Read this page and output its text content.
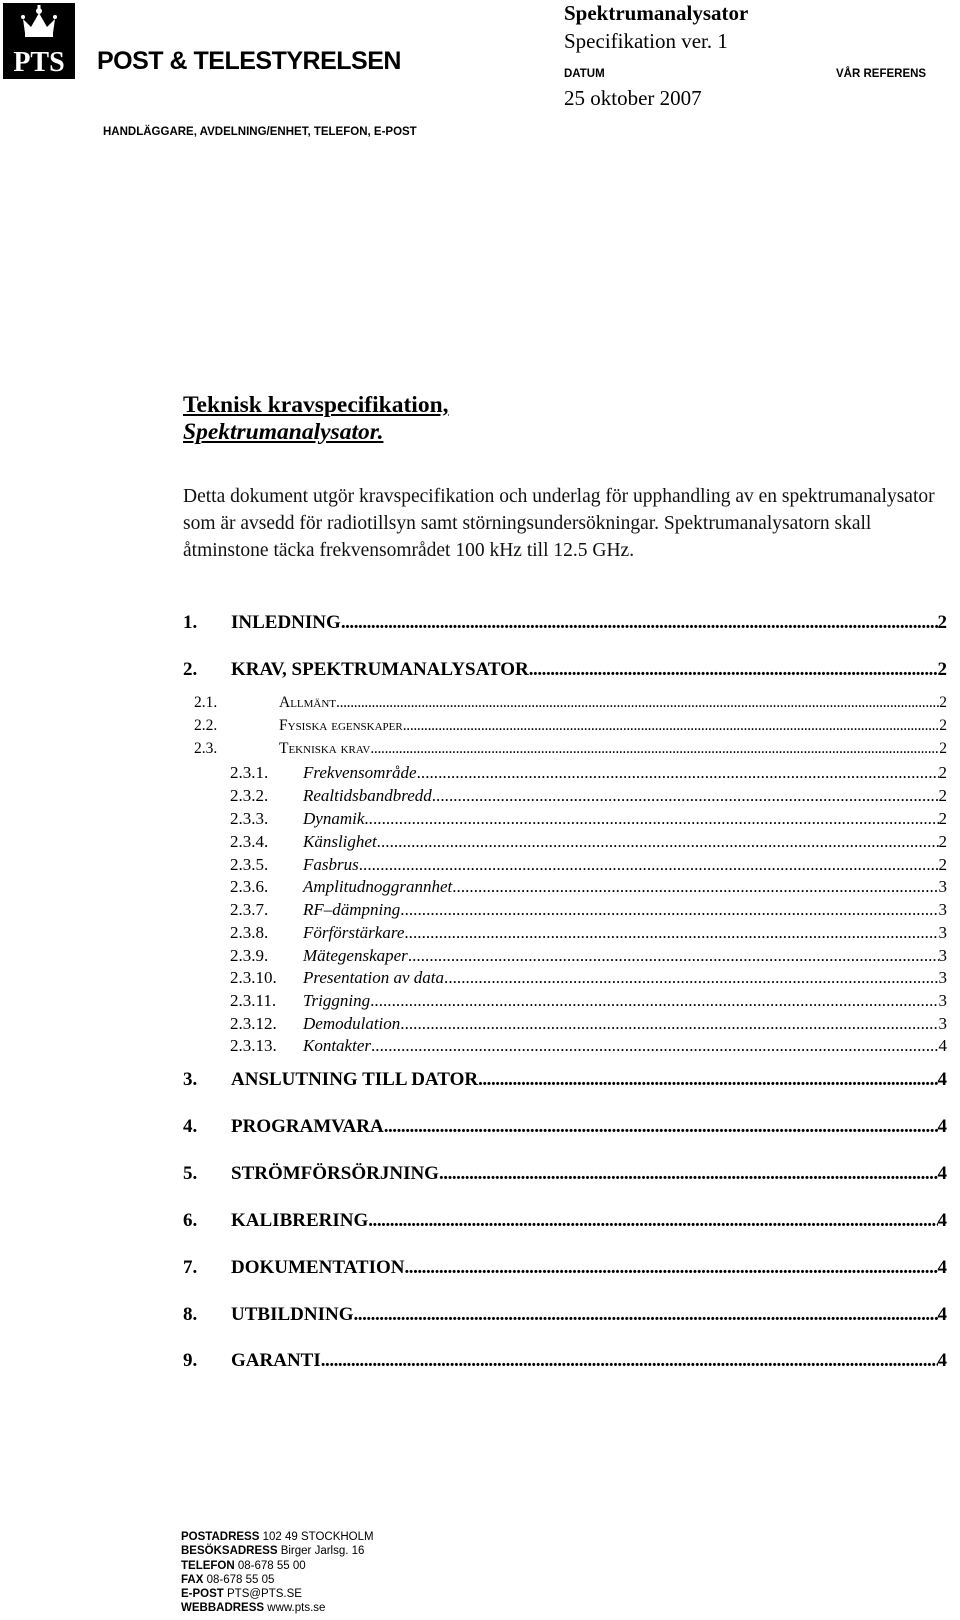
PTS POST & TELESTYRELSEN
HANDLÄGGARE, AVDELNING/ENHET, TELEFON, E-POST
Spektrumanalysator
Specifikation ver. 1
DATUM	VÅR REFERENS
25 oktober 2007
Teknisk kravspecifikation,
Spektrumanalysator.

Detta dokument utgör kravspecifikation och underlag för upphandling av en spektrumanalysator som är avsedd för radiotillsyn samt störningsundersökningar. Spektrumanalysatorn skall åtminstone täcka frekvensområdet 100 kHz till 12.5 GHz.

1.	INLEDNING . . .	2
2.	KRAV, SPEKTRUMANALYSATOR . . .	2
2.1.	Allmänt . . .	2
2.2.	Fysiska egenskaper . . .	2
2.3.	Tekniska krav . . .	2
2.3.1.	Frekvensområde . . .	2
2.3.2.	Realtidsbandbredd . . .	2
2.3.3.	Dynamik . . .	2
2.3.4.	Känslighet . . .	2
2.3.5.	Fasbrus . . .	2
2.3.6.	Amplitudnoggrannhet . . .	3
2.3.7.	RF–dämpning . . .	3
2.3.8.	Förförstärkare . . .	3
2.3.9.	Mätegenskaper . . .	3
2.3.10.	Presentation av data . . .	3
2.3.11.	Triggning . . .	3
2.3.12.	Demodulation . . .	3
2.3.13.	Kontakter . . .	4
3.	ANSLUTNING TILL DATOR . . .	4
4.	PROGRAMVARA . . .	4
5.	STRÖMFÖRSÖRJNING . . .	4
6.	KALIBRERING . . .	4
7.	DOKUMENTATION . . .	4
8.	UTBILDNING . . .	4
9.	GARANTI . . .	4
POSTADRESS 102 49 STOCKHOLM
BESÖKSADRESS Birger Jarlsg. 16
TELEFON 08-678 55 00
FAX 08-678 55 05
E-POST PTS@PTS.SE
WEBBADRESS www.pts.se
